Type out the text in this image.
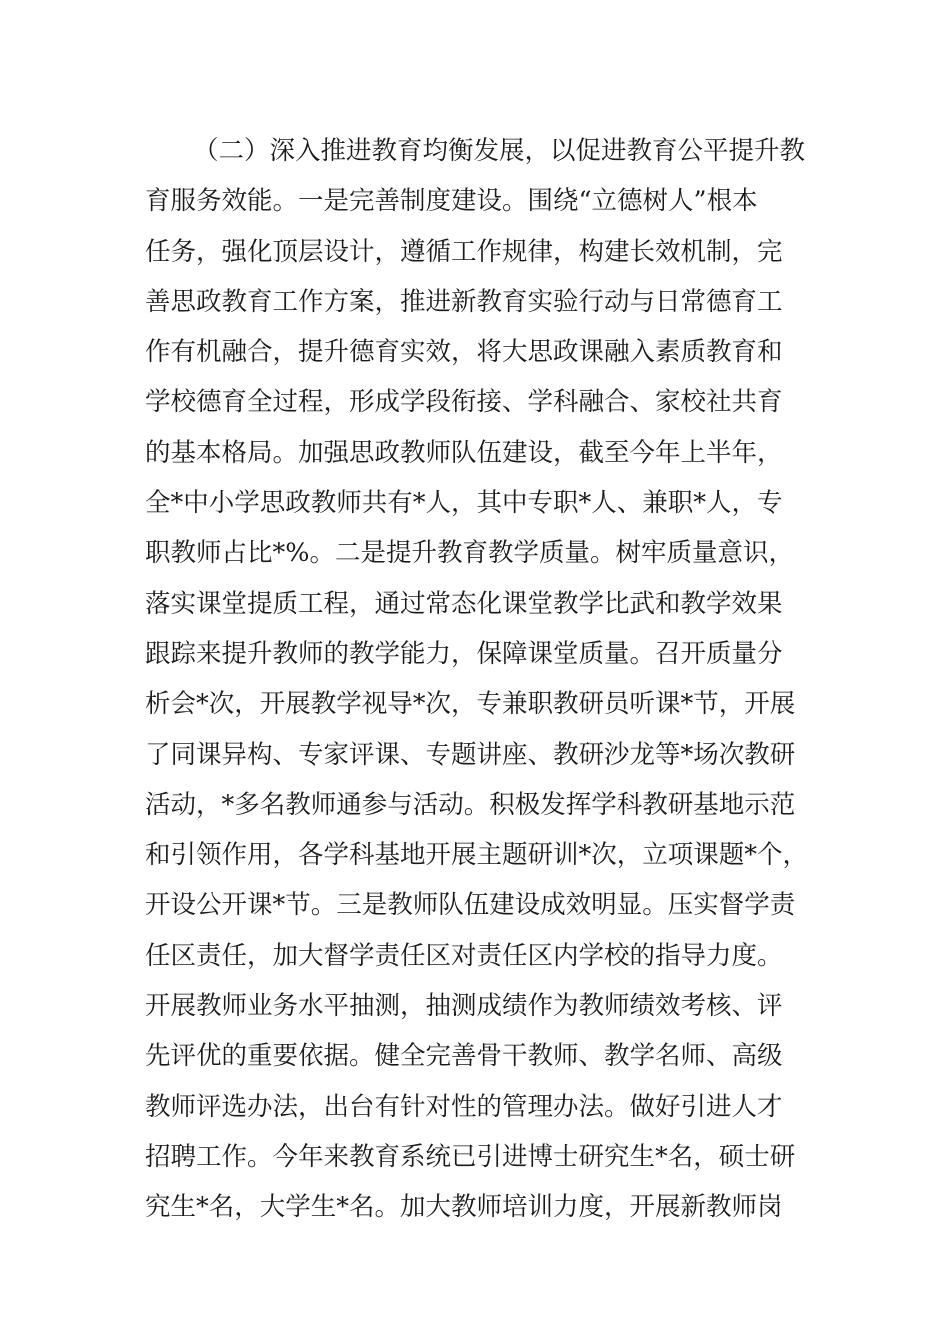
（二）深入推进教育均衡发展，以促进教育公平提升教
育服务效能。一是完善制度建设。围绕“立德树人”根本
任务，强化顶层设计，遵循工作规律，构建长效机制，完
善思政教育工作方案，推进新教育实验行动与日常德育工
作有机融合，提升德育实效，将大思政课融入素质教育和
学校德育全过程，形成学段衔接、学科融合、家校社共育
的基本格局。加强思政教师队伍建设，截至今年上半年，
全*中小学思政教师共有*人，其中专职*人、兼职*人，专
职教师占比*%。二是提升教育教学质量。树牢质量意识，
落实课堂提质工程，通过常态化课堂教学比武和教学效果
跟踪来提升教师的教学能力，保障课堂质量。召开质量分
析会*次，开展教学视导*次，专兼职教研员听课*节，开展
了同课异构、专家评课、专题讲座、教研沙龙等*场次教研
活动，*多名教师通参与活动。积极发挥学科教研基地示范
和引领作用，各学科基地开展主题研训*次，立项课题*个，
开设公开课*节。三是教师队伍建设成效明显。压实督学责
任区责任，加大督学责任区对责任区内学校的指导力度。
开展教师业务水平抽测，抽测成绩作为教师绩效考核、评
先评优的重要依据。健全完善骨干教师、教学名师、高级
教师评选办法，出台有针对性的管理办法。做好引进人才
招聘工作。今年来教育系统已引进博士研究生*名，硕士研
究生*名，大学生*名。加大教师培训力度，开展新教师岗
